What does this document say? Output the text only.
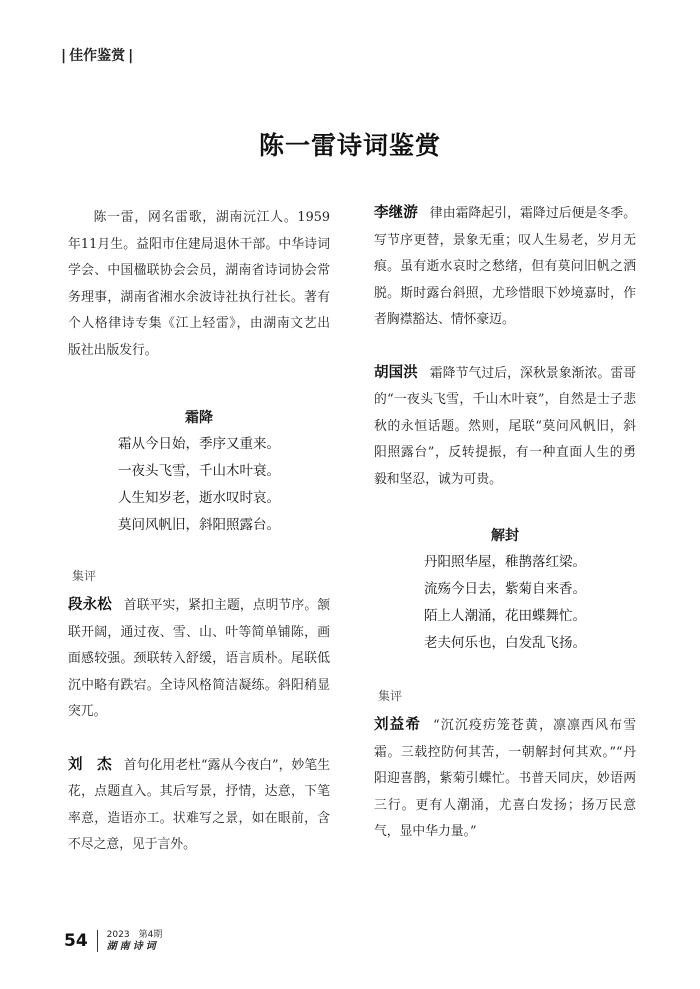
| 佳作鉴赏 |
陈一雷诗词鉴赏

陈一雷，网名雷歌，湖南沅江人。1959年11月生。益阳市住建局退休干部。中华诗词学会、中国楹联协会会员，湖南省诗词协会常务理事，湖南省湘水余波诗社执行社长。著有个人格律诗专集《江上轻雷》，由湖南文艺出版社出版发行。

霜降
霜从今日始，季序又重来。
一夜头飞雪，千山木叶衰。
人生知岁老，逝水叹时哀。
莫问风帆旧，斜阳照露台。
集评

段永松 首联平实，紧扣主题，点明节序。颔联开阔，通过夜、雪、山、叶等简单铺陈，画面感较强。颈联转入舒缓，语言质朴。尾联低沉中略有跌宕。全诗风格简洁凝练。斜阳稍显突兀。

刘　杰 首句化用老杜“露从今夜白”，妙笔生花，点题直入。其后写景，抒情，达意，下笔率意，造语亦工。状难写之景，如在眼前，含不尽之意，见于言外。

李继游 律由霜降起引，霜降过后便是冬季。写节序更替，景象无重；叹人生易老，岁月无痕。虽有逝水哀时之愁绪，但有莫问旧帆之洒脱。斯时露台斜照，尤珍惜眼下妙境嘉时，作者胸襟豁达、情怀豪迈。

胡国洪 霜降节气过后，深秋景象渐浓。雷哥的“一夜头飞雪，千山木叶衰”，自然是士子悲秋的永恒话题。然则，尾联“莫问风帆旧，斜阳照露台”，反转提振，有一种直面人生的勇毅和坚忍，诚为可贵。

解封
丹阳照华屋，稚鹊落红梁。
流殇今日去，紫菊自来香。
陌上人潮涌，花田蝶舞忙。
老夫何乐也，白发乱飞扬。
集评

刘益希 “沉沉疫疠笼苍黄，凛凛西风布雪霜。三载控防何其苦，一朝解封何其欢。”“丹阳迎喜鹊，紫菊引蝶忙。书普天同庆，妙语两三行。更有人潮涌，尤喜白发扬；扬万民意气，显中华力量。”

54 2023　第4期
湖南诗词
